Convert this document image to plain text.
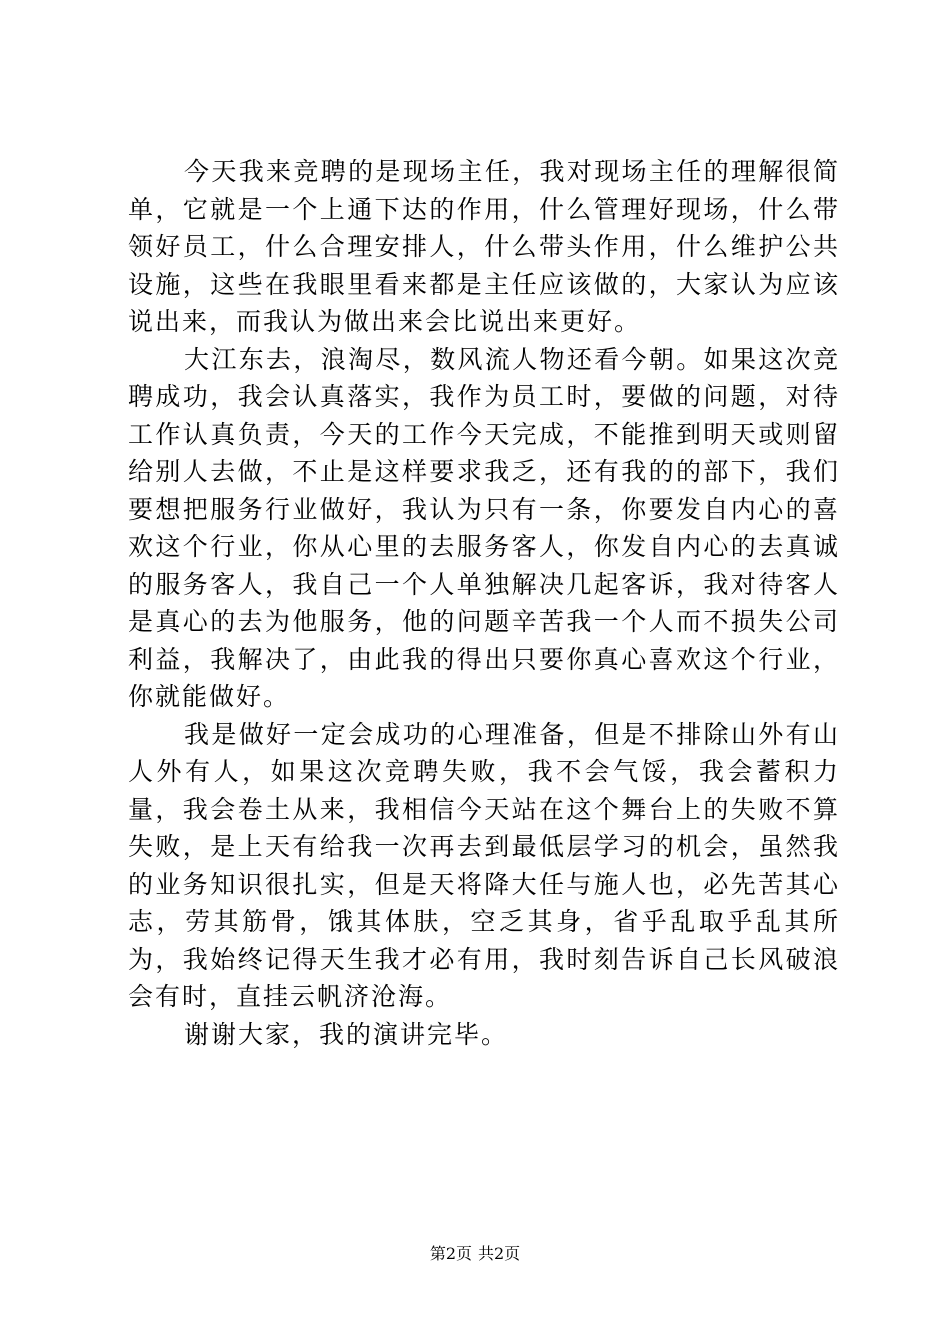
今天我来竞聘的是现场主任，我对现场主任的理解很简单，它就是一个上通下达的作用，什么管理好现场，什么带领好员工，什么合理安排人，什么带头作用，什么维护公共设施，这些在我眼里看来都是主任应该做的，大家认为应该说出来，而我认为做出来会比说出来更好。

大江东去，浪淘尽，数风流人物还看今朝。如果这次竞聘成功，我会认真落实，我作为员工时，要做的问题，对待工作认真负责，今天的工作今天完成，不能推到明天或则留给别人去做，不止是这样要求我乏，还有我的的部下，我们要想把服务行业做好，我认为只有一条，你要发自内心的喜欢这个行业，你从心里的去服务客人，你发自内心的去真诚的服务客人，我自己一个人单独解决几起客诉，我对待客人是真心的去为他服务，他的问题辛苦我一个人而不损失公司利益，我解决了，由此我的得出只要你真心喜欢这个行业，你就能做好。

我是做好一定会成功的心理准备，但是不排除山外有山人外有人，如果这次竞聘失败，我不会气馁，我会蓄积力量，我会卷土从来，我相信今天站在这个舞台上的失败不算失败，是上天有给我一次再去到最低层学习的机会，虽然我的业务知识很扎实，但是天将降大任与施人也，必先苦其心志，劳其筋骨，饿其体肤，空乏其身，省乎乱取乎乱其所为，我始终记得天生我才必有用，我时刻告诉自己长风破浪会有时，直挂云帆济沧海。

谢谢大家，我的演讲完毕。

第2页 共2页
